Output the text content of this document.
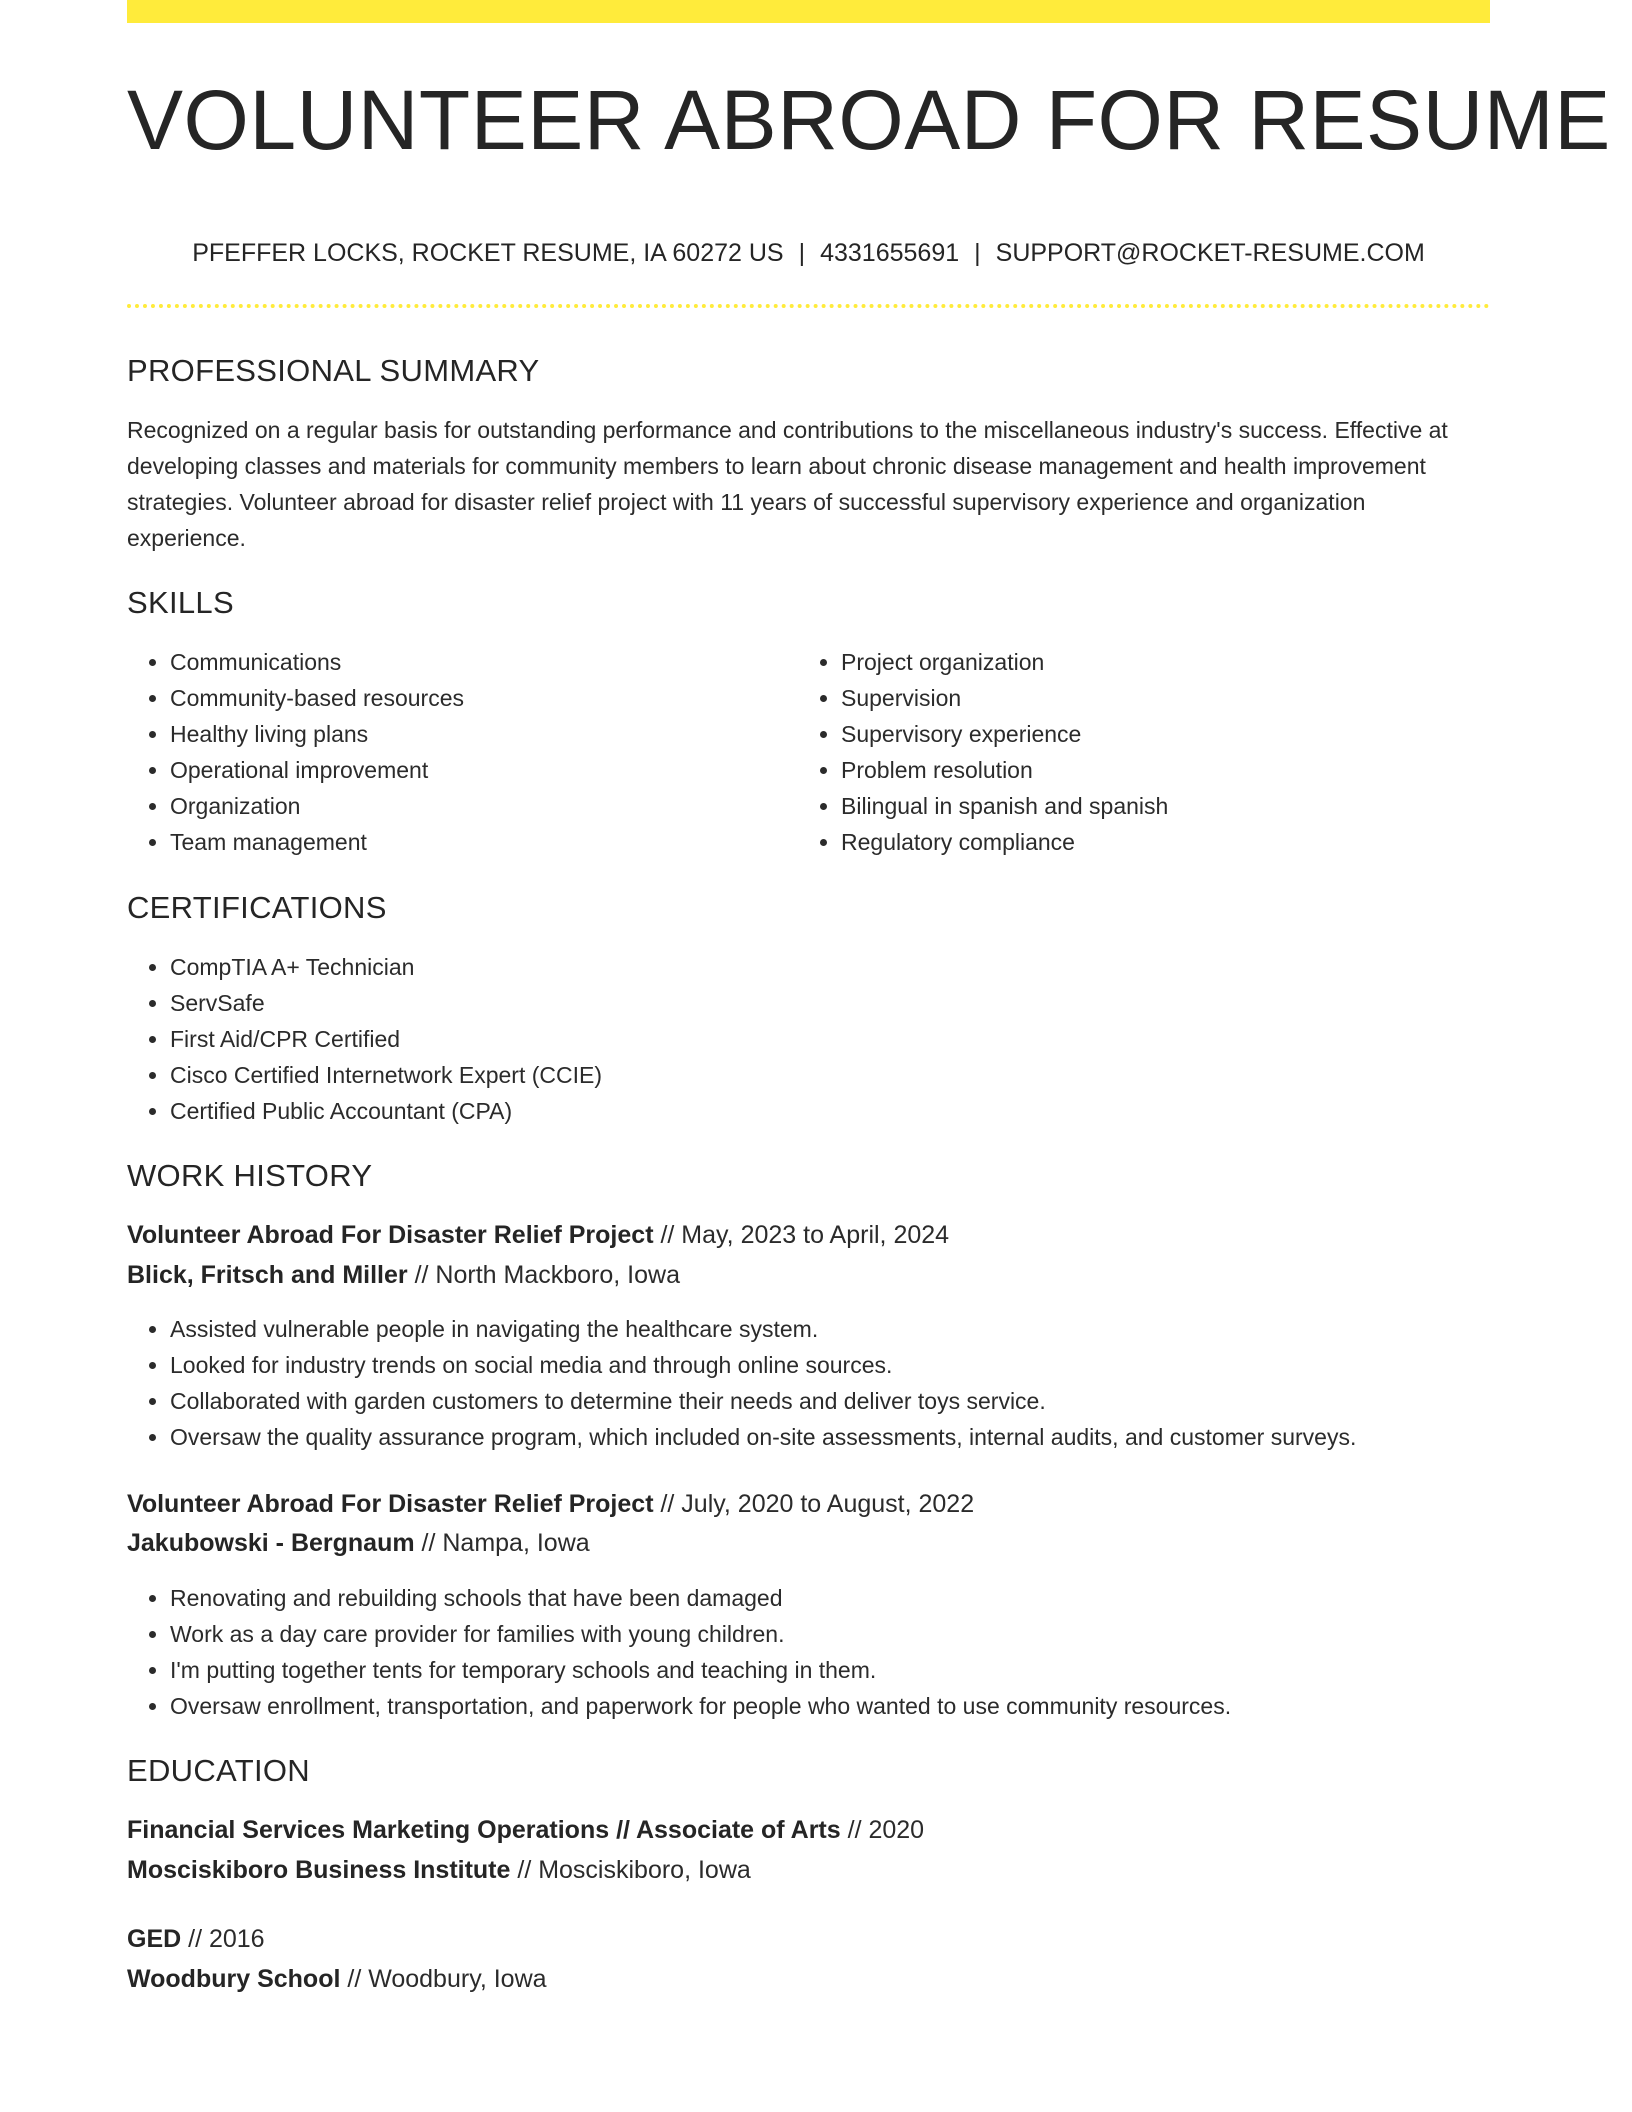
VOLUNTEER ABROAD FOR RESUME
PFEFFER LOCKS, ROCKET RESUME, IA 60272 US | 4331655691 | SUPPORT@ROCKET-RESUME.COM
PROFESSIONAL SUMMARY
Recognized on a regular basis for outstanding performance and contributions to the miscellaneous industry's success. Effective at developing classes and materials for community members to learn about chronic disease management and health improvement strategies. Volunteer abroad for disaster relief project with 11 years of successful supervisory experience and organization experience.
SKILLS
• Communications
• Community-based resources
• Healthy living plans
• Operational improvement
• Organization
• Team management
• Project organization
• Supervision
• Supervisory experience
• Problem resolution
• Bilingual in spanish and spanish
• Regulatory compliance
CERTIFICATIONS
• CompTIA A+ Technician
• ServSafe
• First Aid/CPR Certified
• Cisco Certified Internetwork Expert (CCIE)
• Certified Public Accountant (CPA)
WORK HISTORY
Volunteer Abroad For Disaster Relief Project // May, 2023 to April, 2024
Blick, Fritsch and Miller // North Mackboro, Iowa
• Assisted vulnerable people in navigating the healthcare system.
• Looked for industry trends on social media and through online sources.
• Collaborated with garden customers to determine their needs and deliver toys service.
• Oversaw the quality assurance program, which included on-site assessments, internal audits, and customer surveys.
Volunteer Abroad For Disaster Relief Project // July, 2020 to August, 2022
Jakubowski - Bergnaum // Nampa, Iowa
• Renovating and rebuilding schools that have been damaged
• Work as a day care provider for families with young children.
• I'm putting together tents for temporary schools and teaching in them.
• Oversaw enrollment, transportation, and paperwork for people who wanted to use community resources.
EDUCATION
Financial Services Marketing Operations // Associate of Arts // 2020
Mosciskiboro Business Institute // Mosciskiboro, Iowa
GED // 2016
Woodbury School // Woodbury, Iowa
